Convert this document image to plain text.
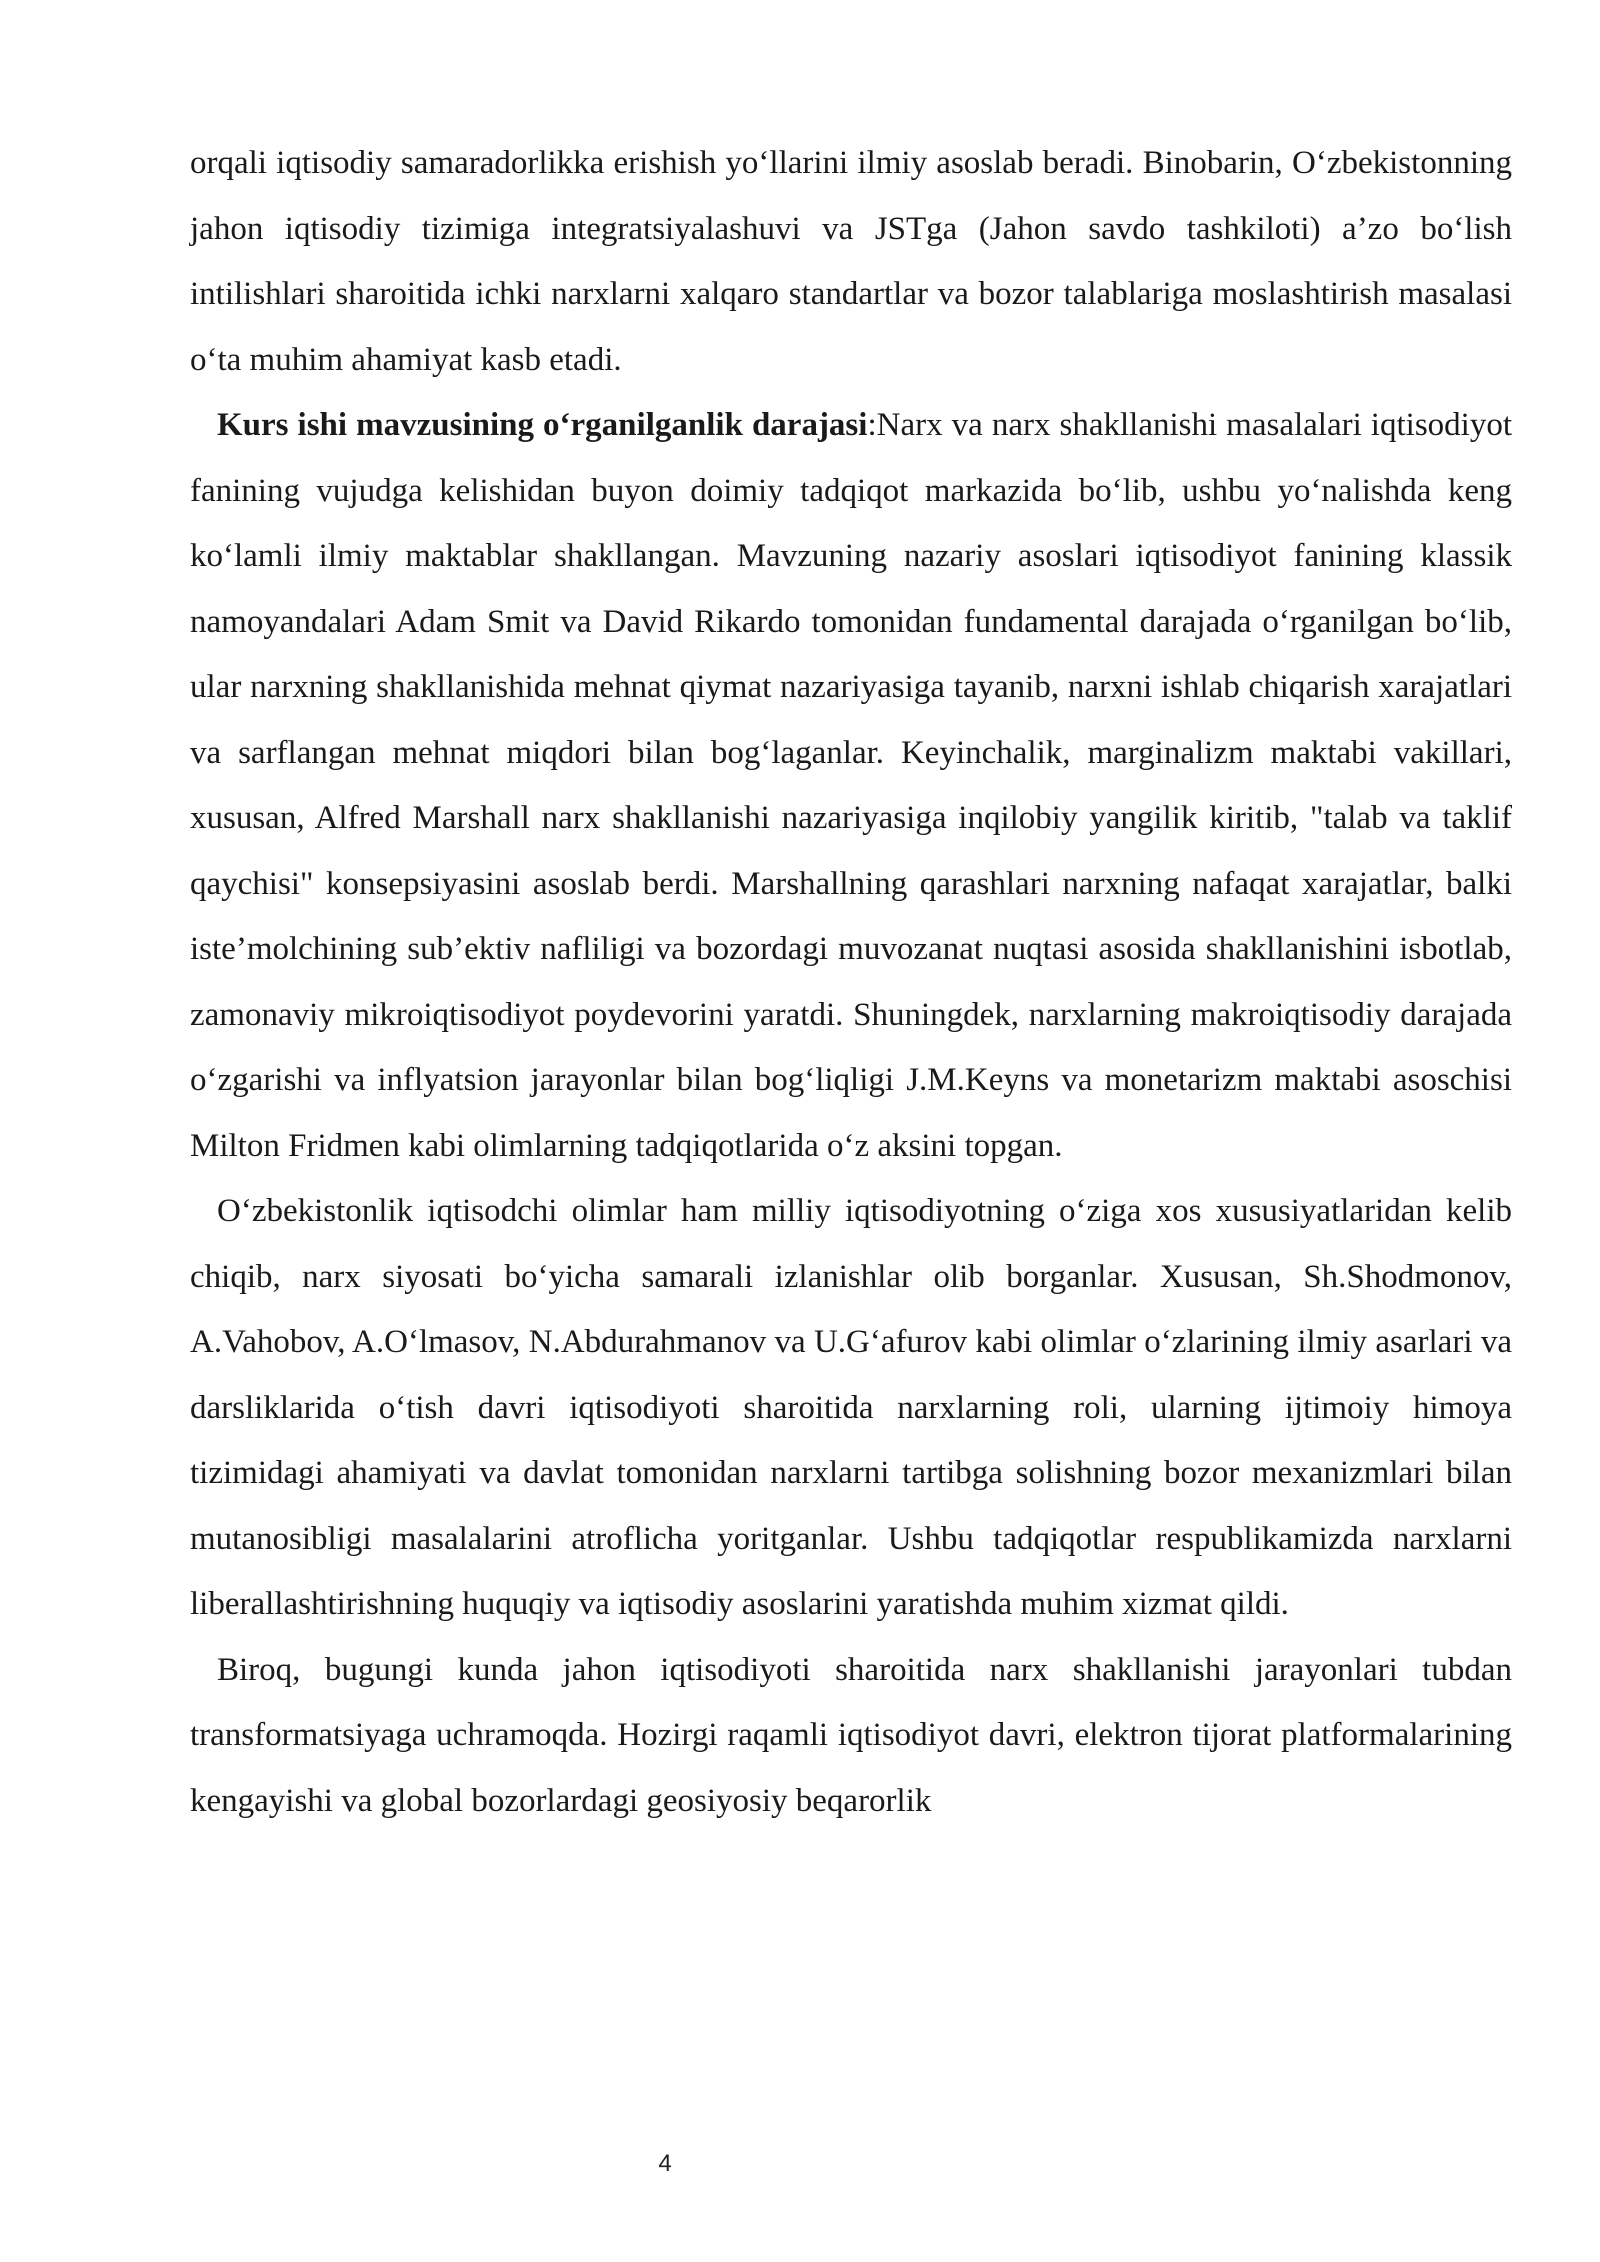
orqali iqtisodiy samaradorlikka erishish yo‘llarini ilmiy asoslab beradi. Binobarin, O‘zbekistonning jahon iqtisodiy tizimiga integratsiyalashuvi va JSTga (Jahon savdo tashkiloti) a’zo bo‘lish intilishlari sharoitida ichki narxlarni xalqaro standartlar va bozor talablariga moslashtirish masalasi o‘ta muhim ahamiyat kasb etadi.

Kurs ishi mavzusining o‘rganilganlik darajasi:Narx va narx shakllanishi masalalari iqtisodiyot fanining vujudga kelishidan buyon doimiy tadqiqot markazida bo‘lib, ushbu yo‘nalishda keng ko‘lamli ilmiy maktablar shakllangan. Mavzuning nazariy asoslari iqtisodiyot fanining klassik namoyandalari Adam Smit va David Rikardo tomonidan fundamental darajada o‘rganilgan bo‘lib, ular narxning shakllanishida mehnat qiymat nazariyasiga tayanib, narxni ishlab chiqarish xarajatlari va sarflangan mehnat miqdori bilan bog‘laganlar. Keyinchalik, marginalizm maktabi vakillari, xususan, Alfred Marshall narx shakllanishi nazariyasiga inqilobiy yangilik kiritib, "talab va taklif qaychisi" konsepsiyasini asoslab berdi. Marshallning qarashlari narxning nafaqat xarajatlar, balki iste’molchining sub’ektiv nafliligi va bozordagi muvozanat nuqtasi asosida shakllanishini isbotlab, zamonaviy mikroiqtisodiyot poydevorini yaratdi. Shuningdek, narxlarning makroiqtisodiy darajada o‘zgarishi va inflyatsion jarayonlar bilan bog‘liqligi J.M.Keyns va monetarizm maktabi asoschisi Milton Fridmen kabi olimlarning tadqiqotlarida o‘z aksini topgan.

O‘zbekistonlik iqtisodchi olimlar ham milliy iqtisodiyotning o‘ziga xos xususiyatlaridan kelib chiqib, narx siyosati bo‘yicha samarali izlanishlar olib borganlar. Xususan, Sh.Shodmonov, A.Vahobov, A.O‘lmasov, N.Abdurahmanov va U.G‘afurov kabi olimlar o‘zlarining ilmiy asarlari va darsliklarida o‘tish davri iqtisodiyoti sharoitida narxlarning roli, ularning ijtimoiy himoya tizimidagi ahamiyati va davlat tomonidan narxlarni tartibga solishning bozor mexanizmlari bilan mutanosibligi masalalarini atroflicha yoritganlar. Ushbu tadqiqotlar respublikamizda narxlarni liberallashtirishning huquqiy va iqtisodiy asoslarini yaratishda muhim xizmat qildi.

Biroq, bugungi kunda jahon iqtisodiyoti sharoitida narx shakllanishi jarayonlari tubdan transformatsiyaga uchramoqda. Hozirgi raqamli iqtisodiyot davri, elektron tijorat platformalarining kengayishi va global bozorlardagi geosiyosiy beqarorlik

4
